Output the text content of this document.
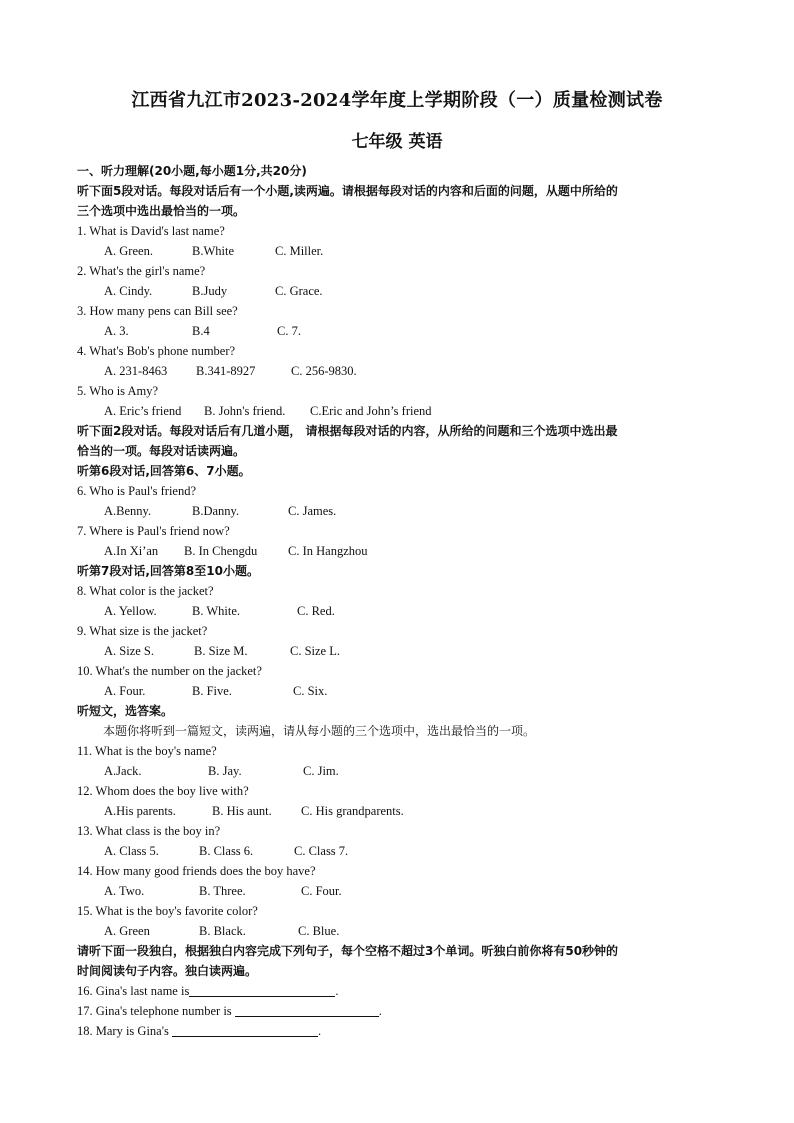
江西省九江市2023-2024学年度上学期阶段（一）质量检测试卷
七年级 英语
一、听力理解(20小题,每小题1分,共20分)
听下面5段对话。每段对话后有一个小题,读两遍。请根据每段对话的内容和后面的问题，从题中所给的
三个选项中选出最恰当的一项。
1. What is David's last name?
A. Green.	B.White	C. Miller.
2. What's the girl's name?
A. Cindy.	B.Judy	C. Grace.
3. How many pens can Bill see?
A. 3.	B.4	C. 7.
4. What's Bob's phone number?
A. 231-8463 B.341-8927	C. 256-9830.
5. Who is Amy?
A. Eric’s friend B. John's friend. C.Eric and John’s friend
听下面2段对话。每段对话后有几道小题， 请根据每段对话的内容，从所给的问题和三个选项中选出最
恰当的一项。每段对话读两遍。
听第6段对话,回答第6、7小题。
6. Who is Paul's friend?
A.Benny.	B.Danny.	C. James.
7. Where is Paul's friend now?
A.In Xi’an B. In Chengdu C. In Hangzhou
听第7段对话,回答第8至10小题。
8. What color is the jacket?
A. Yellow.	B. White.	C. Red.
9. What size is the jacket?
A. Size S.	B. Size M.	C. Size L.
10. What's the number on the jacket?
A. Four.	B. Five.	C. Six.
听短文，选答案。
本题你将听到一篇短文，读两遍，请从每小题的三个选项中，选出最恰当的一项。
11. What is the boy's name?
A.Jack.	B. Jay.	C. Jim.
12. Whom does the boy live with?
A.His parents.	B. His aunt. C. His grandparents.
13. What class is the boy in?
A. Class 5.	B. Class 6.	C. Class 7.
14. How many good friends does the boy have?
A. Two.	B. Three.	C. Four.
15. What is the boy's favorite color?
A. Green	B. Black.	C. Blue.
请听下面一段独白，根据独白内容完成下列句子，每个空格不超过3个单词。听独白前你将有50秒钟的
时间阅读句子内容。独白读两遍。
16. Gina's last name is	.
17. Gina's telephone number is	.
18. Mary is Gina's	.
